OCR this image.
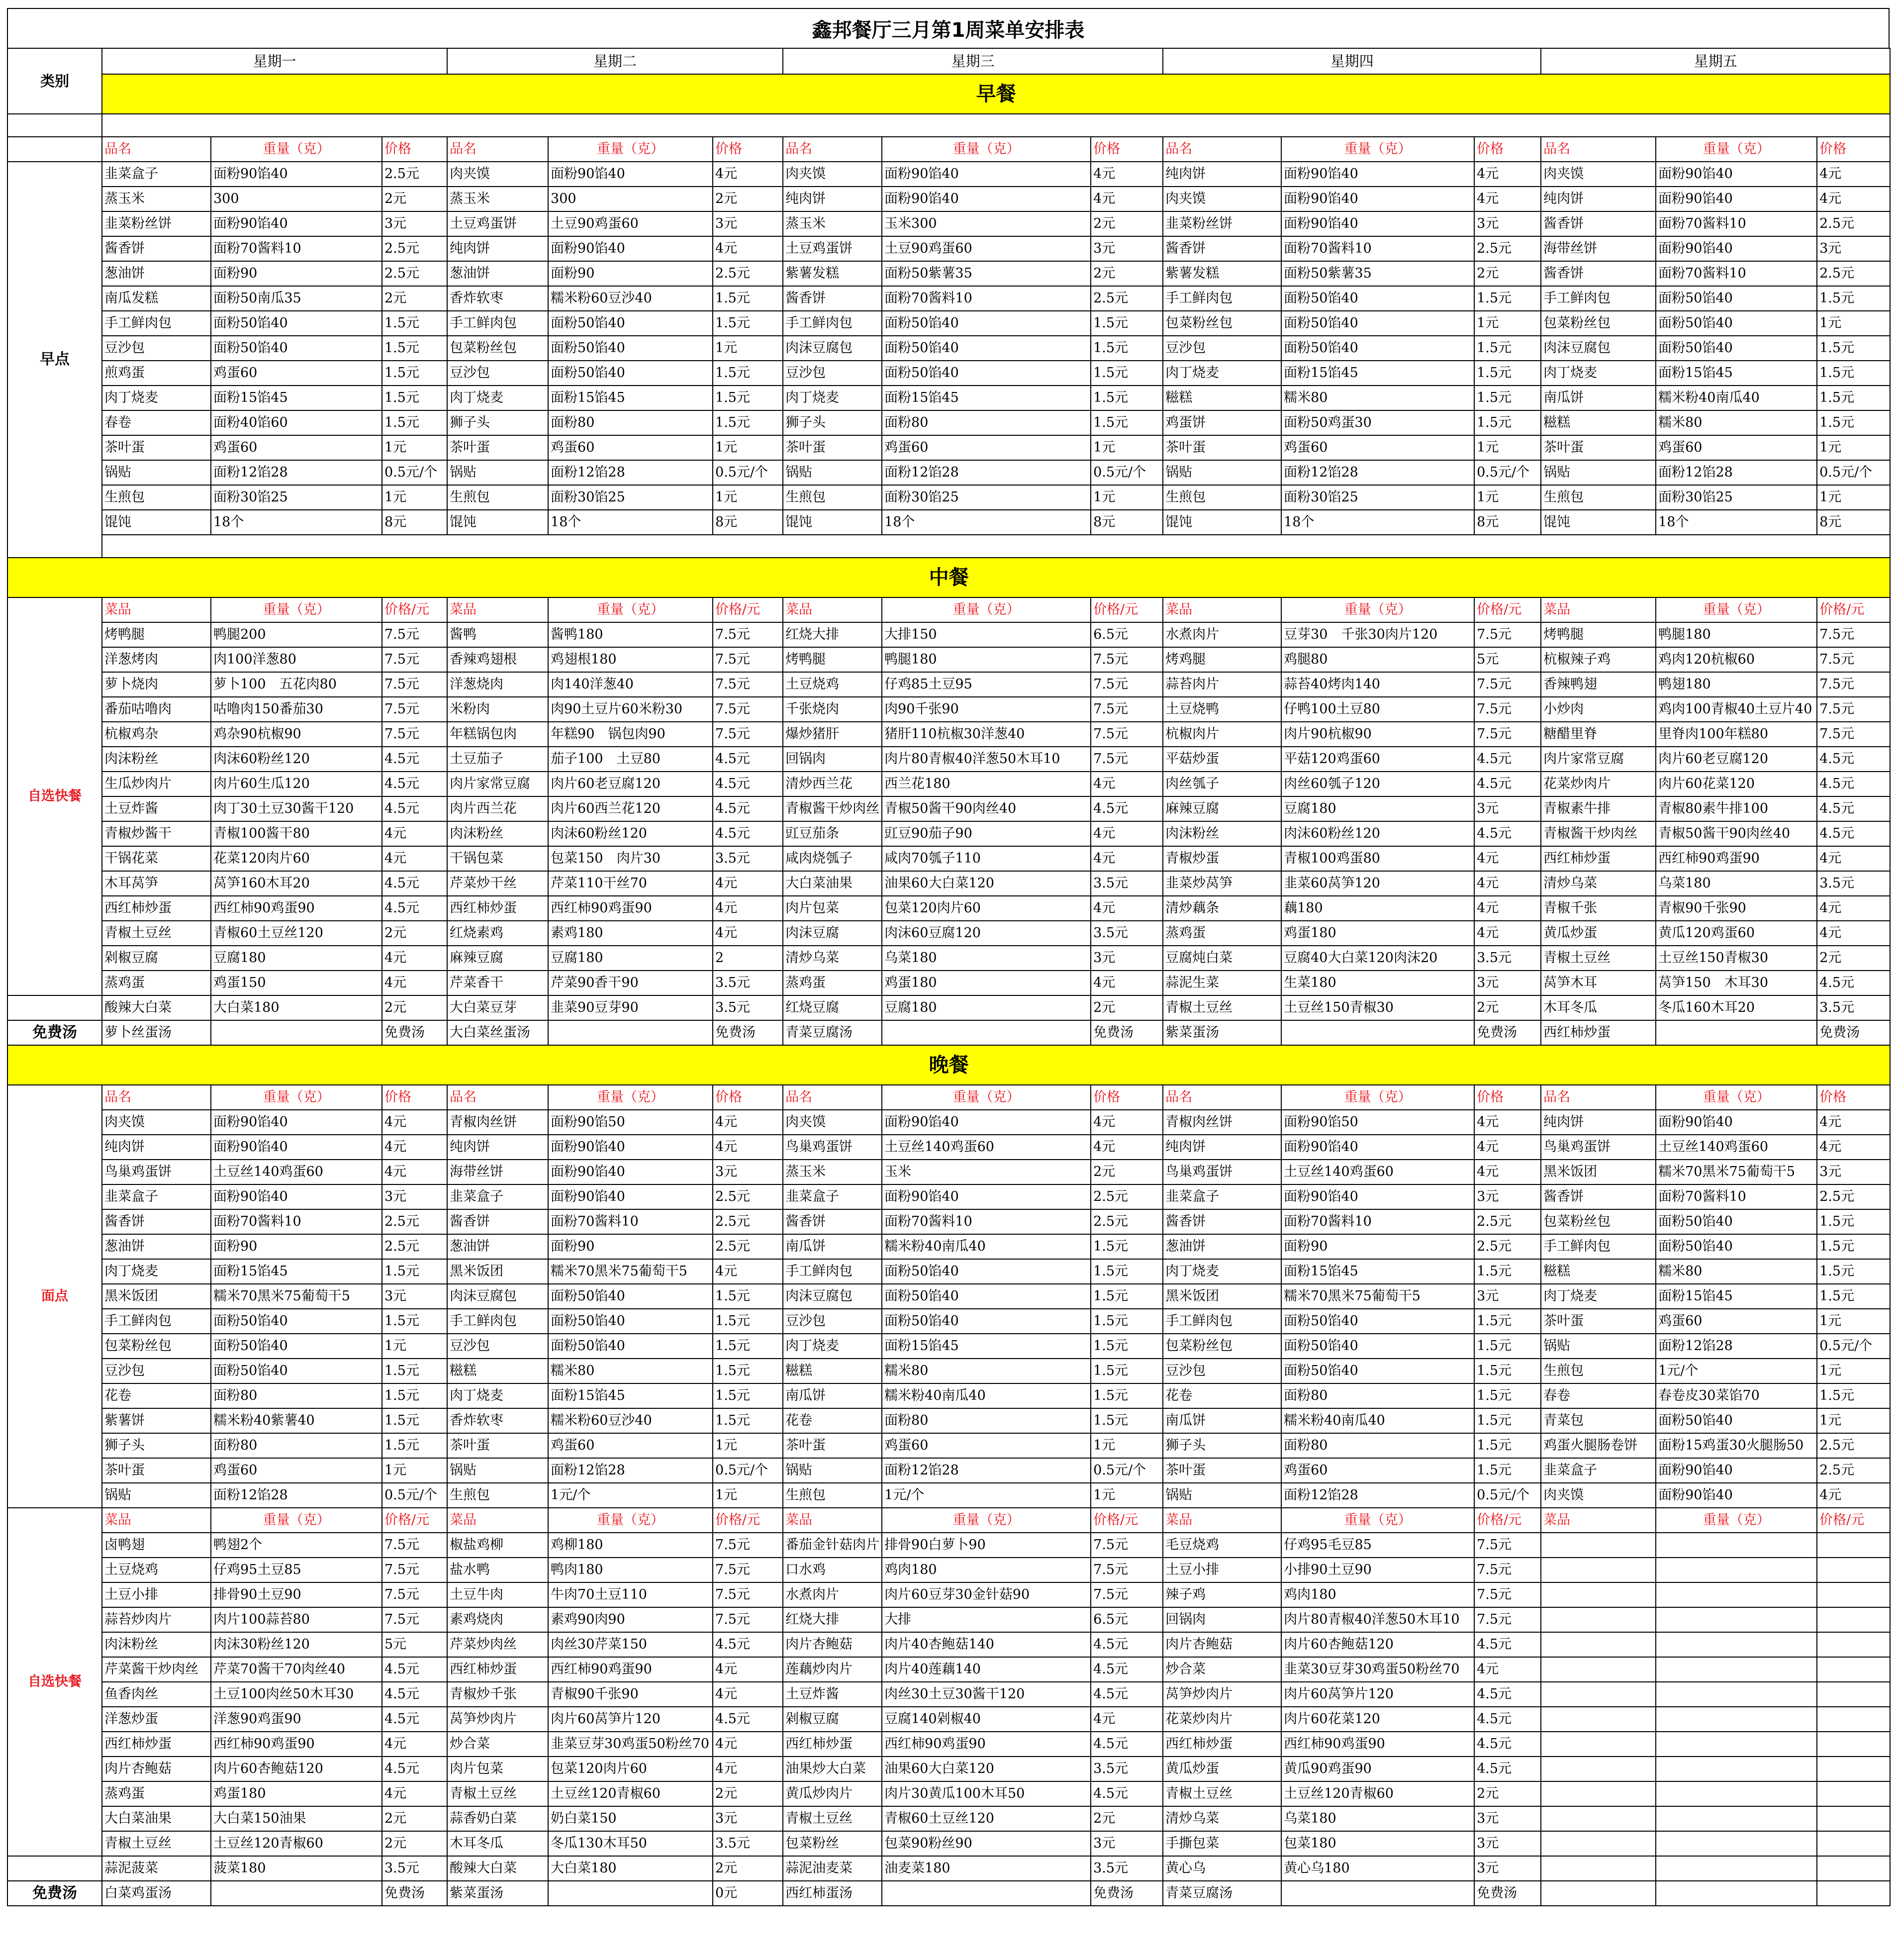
鑫邦餐厅三月第1周菜单安排表
类别	星期一			星期二			星期三			星期四			星期五		
	早餐														

	品名	重量（克）	价格	品名	重量（克）	价格	品名	重量（克）	价格	品名	重量（克）	价格	品名	重量（克）	价格
早点	韭菜盒子	面粉90馅40	2.5元	肉夹馍	面粉90馅40	4元	肉夹馍	面粉90馅40	4元	纯肉饼	面粉90馅40	4元	肉夹馍	面粉90馅40	4元
	蒸玉米	300	2元	蒸玉米	300	2元	纯肉饼	面粉90馅40	4元	肉夹馍	面粉90馅40	4元	纯肉饼	面粉90馅40	4元
	韭菜粉丝饼	面粉90馅40	3元	土豆鸡蛋饼	土豆90鸡蛋60	3元	蒸玉米	玉米300	2元	韭菜粉丝饼	面粉90馅40	3元	酱香饼	面粉70酱料10	2.5元
	酱香饼	面粉70酱料10	2.5元	纯肉饼	面粉90馅40	4元	土豆鸡蛋饼	土豆90鸡蛋60	3元	酱香饼	面粉70酱料10	2.5元	海带丝饼	面粉90馅40	3元
	葱油饼	面粉90	2.5元	葱油饼	面粉90	2.5元	紫薯发糕	面粉50紫薯35	2元	紫薯发糕	面粉50紫薯35	2元	酱香饼	面粉70酱料10	2.5元
	南瓜发糕	面粉50南瓜35	2元	香炸软枣	糯米粉60豆沙40	1.5元	酱香饼	面粉70酱料10	2.5元	手工鲜肉包	面粉50馅40	1.5元	手工鲜肉包	面粉50馅40	1.5元
	手工鲜肉包	面粉50馅40	1.5元	手工鲜肉包	面粉50馅40	1.5元	手工鲜肉包	面粉50馅40	1.5元	包菜粉丝包	面粉50馅40	1元	包菜粉丝包	面粉50馅40	1元
	豆沙包	面粉50馅40	1.5元	包菜粉丝包	面粉50馅40	1元	肉沫豆腐包	面粉50馅40	1.5元	豆沙包	面粉50馅40	1.5元	肉沫豆腐包	面粉50馅40	1.5元
	煎鸡蛋	鸡蛋60	1.5元	豆沙包	面粉50馅40	1.5元	豆沙包	面粉50馅40	1.5元	肉丁烧麦	面粉15馅45	1.5元	肉丁烧麦	面粉15馅45	1.5元
	肉丁烧麦	面粉15馅45	1.5元	肉丁烧麦	面粉15馅45	1.5元	肉丁烧麦	面粉15馅45	1.5元	糍糕	糯米80	1.5元	南瓜饼	糯米粉40南瓜40	1.5元
	春卷	面粉40馅60	1.5元	狮子头	面粉80	1.5元	狮子头	面粉80	1.5元	鸡蛋饼	面粉50鸡蛋30	1.5元	糍糕	糯米80	1.5元
	茶叶蛋	鸡蛋60	1元	茶叶蛋	鸡蛋60	1元	茶叶蛋	鸡蛋60	1元	茶叶蛋	鸡蛋60	1元	茶叶蛋	鸡蛋60	1元
	锅贴	面粉12馅28	0.5元/个	锅贴	面粉12馅28	0.5元/个	锅贴	面粉12馅28	0.5元/个	锅贴	面粉12馅28	0.5元/个	锅贴	面粉12馅28	0.5元/个
	生煎包	面粉30馅25	1元	生煎包	面粉30馅25	1元	生煎包	面粉30馅25	1元	生煎包	面粉30馅25	1元	生煎包	面粉30馅25	1元
	馄饨	18个	8元	馄饨	18个	8元	馄饨	18个	8元	馄饨	18个	8元	馄饨	18个	8元

中餐															
自选快餐	菜品	重量（克）	价格/元	菜品	重量（克）	价格/元	菜品	重量（克）	价格/元	菜品	重量（克）	价格/元	菜品	重量（克）	价格/元
	烤鸭腿	鸭腿200	7.5元	酱鸭	酱鸭180	7.5元	红烧大排	大排150	6.5元	水煮肉片	豆芽30　千张30肉片120	7.5元	烤鸭腿	鸭腿180	7.5元
	洋葱烤肉	肉100洋葱80	7.5元	香辣鸡翅根	鸡翅根180	7.5元	烤鸭腿	鸭腿180	7.5元	烤鸡腿	鸡腿80	5元	杭椒辣子鸡	鸡肉120杭椒60	7.5元
	萝卜烧肉	萝卜100　五花肉80	7.5元	洋葱烧肉	肉140洋葱40	7.5元	土豆烧鸡	仔鸡85土豆95	7.5元	蒜苔肉片	蒜苔40烤肉140	7.5元	香辣鸭翅	鸭翅180	7.5元
	番茄咕噜肉	咕噜肉150番茄30	7.5元	米粉肉	肉90土豆片60米粉30	7.5元	千张烧肉	肉90千张90	7.5元	土豆烧鸭	仔鸭100土豆80	7.5元	小炒肉	鸡肉100青椒40土豆片40	7.5元
	杭椒鸡杂	鸡杂90杭椒90	7.5元	年糕锅包肉	年糕90　锅包肉90	7.5元	爆炒猪肝	猪肝110杭椒30洋葱40	7.5元	杭椒肉片	肉片90杭椒90	7.5元	糖醋里脊	里脊肉100年糕80	7.5元
	肉沫粉丝	肉沫60粉丝120	4.5元	土豆茄子	茄子100　土豆80	4.5元	回锅肉	肉片80青椒40洋葱50木耳10	7.5元	平菇炒蛋	平菇120鸡蛋60	4.5元	肉片家常豆腐	肉片60老豆腐120	4.5元
	生瓜炒肉片	肉片60生瓜120	4.5元	肉片家常豆腐	肉片60老豆腐120	4.5元	清炒西兰花	西兰花180	4元	肉丝瓠子	肉丝60瓠子120	4.5元	花菜炒肉片	肉片60花菜120	4.5元
	土豆炸酱	肉丁30土豆30酱干120	4.5元	肉片西兰花	肉片60西兰花120	4.5元	青椒酱干炒肉丝	青椒50酱干90肉丝40	4.5元	麻辣豆腐	豆腐180	3元	青椒素牛排	青椒80素牛排100	4.5元
	青椒炒酱干	青椒100酱干80	4元	肉沫粉丝	肉沫60粉丝120	4.5元	豇豆茄条	豇豆90茄子90	4元	肉沫粉丝	肉沫60粉丝120	4.5元	青椒酱干炒肉丝	青椒50酱干90肉丝40	4.5元
	干锅花菜	花菜120肉片60	4元	干锅包菜	包菜150　肉片30	3.5元	咸肉烧瓠子	咸肉70瓠子110	4元	青椒炒蛋	青椒100鸡蛋80	4元	西红柿炒蛋	西红柿90鸡蛋90	4元
	木耳莴笋	莴笋160木耳20	4.5元	芹菜炒干丝	芹菜110干丝70	4元	大白菜油果	油果60大白菜120	3.5元	韭菜炒莴笋	韭菜60莴笋120	4元	清炒乌菜	乌菜180	3.5元
	西红柿炒蛋	西红柿90鸡蛋90	4.5元	西红柿炒蛋	西红柿90鸡蛋90	4元	肉片包菜	包菜120肉片60	4元	清炒藕条	藕180	4元	青椒千张	青椒90千张90	4元
	青椒土豆丝	青椒60土豆丝120	2元	红烧素鸡	素鸡180	4元	肉沫豆腐	肉沫60豆腐120	3.5元	蒸鸡蛋	鸡蛋180	4元	黄瓜炒蛋	黄瓜120鸡蛋60	4元
	剁椒豆腐	豆腐180	4元	麻辣豆腐	豆腐180	2	清炒乌菜	乌菜180	3元	豆腐炖白菜	豆腐40大白菜120肉沫20	3.5元	青椒土豆丝	土豆丝150青椒30	2元
	蒸鸡蛋	鸡蛋150	4元	芹菜香干	芹菜90香干90	3.5元	蒸鸡蛋	鸡蛋180	4元	蒜泥生菜	生菜180	3元	莴笋木耳	莴笋150　木耳30	4.5元
	酸辣大白菜	大白菜180	2元	大白菜豆芽	韭菜90豆芽90	3.5元	红烧豆腐	豆腐180	2元	青椒土豆丝	土豆丝150青椒30	2元	木耳冬瓜	冬瓜160木耳20	3.5元
免费汤	萝卜丝蛋汤		免费汤	大白菜丝蛋汤		免费汤	青菜豆腐汤		免费汤	紫菜蛋汤		免费汤	西红柿炒蛋		免费汤
晚餐															
面点	品名	重量（克）	价格	品名	重量（克）	价格	品名	重量（克）	价格	品名	重量（克）	价格	品名	重量（克）	价格
	肉夹馍	面粉90馅40	4元	青椒肉丝饼	面粉90馅50	4元	肉夹馍	面粉90馅40	4元	青椒肉丝饼	面粉90馅50	4元	纯肉饼	面粉90馅40	4元
	纯肉饼	面粉90馅40	4元	纯肉饼	面粉90馅40	4元	鸟巢鸡蛋饼	土豆丝140鸡蛋60	4元	纯肉饼	面粉90馅40	4元	鸟巢鸡蛋饼	土豆丝140鸡蛋60	4元
	鸟巢鸡蛋饼	土豆丝140鸡蛋60	4元	海带丝饼	面粉90馅40	3元	蒸玉米	玉米	2元	鸟巢鸡蛋饼	土豆丝140鸡蛋60	4元	黑米饭团	糯米70黑米75葡萄干5	3元
	韭菜盒子	面粉90馅40	3元	韭菜盒子	面粉90馅40	2.5元	韭菜盒子	面粉90馅40	2.5元	韭菜盒子	面粉90馅40	3元	酱香饼	面粉70酱料10	2.5元
	酱香饼	面粉70酱料10	2.5元	酱香饼	面粉70酱料10	2.5元	酱香饼	面粉70酱料10	2.5元	酱香饼	面粉70酱料10	2.5元	包菜粉丝包	面粉50馅40	1.5元
	葱油饼	面粉90	2.5元	葱油饼	面粉90	2.5元	南瓜饼	糯米粉40南瓜40	1.5元	葱油饼	面粉90	2.5元	手工鲜肉包	面粉50馅40	1.5元
	肉丁烧麦	面粉15馅45	1.5元	黑米饭团	糯米70黑米75葡萄干5	4元	手工鲜肉包	面粉50馅40	1.5元	肉丁烧麦	面粉15馅45	1.5元	糍糕	糯米80	1.5元
	黑米饭团	糯米70黑米75葡萄干5	3元	肉沫豆腐包	面粉50馅40	1.5元	肉沫豆腐包	面粉50馅40	1.5元	黑米饭团	糯米70黑米75葡萄干5	3元	肉丁烧麦	面粉15馅45	1.5元
	手工鲜肉包	面粉50馅40	1.5元	手工鲜肉包	面粉50馅40	1.5元	豆沙包	面粉50馅40	1.5元	手工鲜肉包	面粉50馅40	1.5元	茶叶蛋	鸡蛋60	1元
	包菜粉丝包	面粉50馅40	1元	豆沙包	面粉50馅40	1.5元	肉丁烧麦	面粉15馅45	1.5元	包菜粉丝包	面粉50馅40	1.5元	锅贴	面粉12馅28	0.5元/个
	豆沙包	面粉50馅40	1.5元	糍糕	糯米80	1.5元	糍糕	糯米80	1.5元	豆沙包	面粉50馅40	1.5元	生煎包	1元/个	1元
	花卷	面粉80	1.5元	肉丁烧麦	面粉15馅45	1.5元	南瓜饼	糯米粉40南瓜40	1.5元	花卷	面粉80	1.5元	春卷	春卷皮30菜馅70	1.5元
	紫薯饼	糯米粉40紫薯40	1.5元	香炸软枣	糯米粉60豆沙40	1.5元	花卷	面粉80	1.5元	南瓜饼	糯米粉40南瓜40	1.5元	青菜包	面粉50馅40	1元
	狮子头	面粉80	1.5元	茶叶蛋	鸡蛋60	1元	茶叶蛋	鸡蛋60	1元	狮子头	面粉80	1.5元	鸡蛋火腿肠卷饼	面粉15鸡蛋30火腿肠50	2.5元
	茶叶蛋	鸡蛋60	1元	锅贴	面粉12馅28	0.5元/个	锅贴	面粉12馅28	0.5元/个	茶叶蛋	鸡蛋60	1.5元	韭菜盒子	面粉90馅40	2.5元
	锅贴	面粉12馅28	0.5元/个	生煎包	1元/个	1元	生煎包	1元/个	1元	锅贴	面粉12馅28	0.5元/个	肉夹馍	面粉90馅40	4元
自选快餐	菜品	重量（克）	价格/元	菜品	重量（克）	价格/元	菜品	重量（克）	价格/元	菜品	重量（克）	价格/元	菜品	重量（克）	价格/元
	卤鸭翅	鸭翅2个	7.5元	椒盐鸡柳	鸡柳180	7.5元	番茄金针菇肉片	排骨90白萝卜90	7.5元	毛豆烧鸡	仔鸡95毛豆85	7.5元			
	土豆烧鸡	仔鸡95土豆85	7.5元	盐水鸭	鸭肉180	7.5元	口水鸡	鸡肉180	7.5元	土豆小排	小排90土豆90	7.5元			
	土豆小排	排骨90土豆90	7.5元	土豆牛肉	牛肉70土豆110	7.5元	水煮肉片	肉片60豆芽30金针菇90	7.5元	辣子鸡	鸡肉180	7.5元			
	蒜苔炒肉片	肉片100蒜苔80	7.5元	素鸡烧肉	素鸡90肉90	7.5元	红烧大排	大排	6.5元	回锅肉	肉片80青椒40洋葱50木耳10	7.5元			
	肉沫粉丝	肉沫30粉丝120	5元	芹菜炒肉丝	肉丝30芹菜150	4.5元	肉片杏鲍菇	肉片40杏鲍菇140	4.5元	肉片杏鲍菇	肉片60杏鲍菇120	4.5元			
	芹菜酱干炒肉丝	芹菜70酱干70肉丝40	4.5元	西红柿炒蛋	西红柿90鸡蛋90	4元	莲藕炒肉片	肉片40莲藕140	4.5元	炒合菜	韭菜30豆芽30鸡蛋50粉丝70	4元			
	鱼香肉丝	土豆100肉丝50木耳30	4.5元	青椒炒千张	青椒90千张90	4元	土豆炸酱	肉丝30土豆30酱干120	4.5元	莴笋炒肉片	肉片60莴笋片120	4.5元			
	洋葱炒蛋	洋葱90鸡蛋90	4.5元	莴笋炒肉片	肉片60莴笋片120	4.5元	剁椒豆腐	豆腐140剁椒40	4元	花菜炒肉片	肉片60花菜120	4.5元			
	西红柿炒蛋	西红柿90鸡蛋90	4元	炒合菜	韭菜豆芽30鸡蛋50粉丝70	4元	西红柿炒蛋	西红柿90鸡蛋90	4.5元	西红柿炒蛋	西红柿90鸡蛋90	4.5元			
	肉片杏鲍菇	肉片60杏鲍菇120	4.5元	肉片包菜	包菜120肉片60	4元	油果炒大白菜	油果60大白菜120	3.5元	黄瓜炒蛋	黄瓜90鸡蛋90	4.5元			
	蒸鸡蛋	鸡蛋180	4元	青椒土豆丝	土豆丝120青椒60	2元	黄瓜炒肉片	肉片30黄瓜100木耳50	4.5元	青椒土豆丝	土豆丝120青椒60	2元			
	大白菜油果	大白菜150油果	2元	蒜香奶白菜	奶白菜150	3元	青椒土豆丝	青椒60土豆丝120	2元	清炒乌菜	乌菜180	3元			
	青椒土豆丝	土豆丝120青椒60	2元	木耳冬瓜	冬瓜130木耳50	3.5元	包菜粉丝	包菜90粉丝90	3元	手撕包菜	包菜180	3元			
	蒜泥菠菜	菠菜180	3.5元	酸辣大白菜	大白菜180	2元	蒜泥油麦菜	油麦菜180	3.5元	黄心乌	黄心乌180	3元			
免费汤	白菜鸡蛋汤		免费汤	紫菜蛋汤		0元	西红柿蛋汤		免费汤	青菜豆腐汤		免费汤			
